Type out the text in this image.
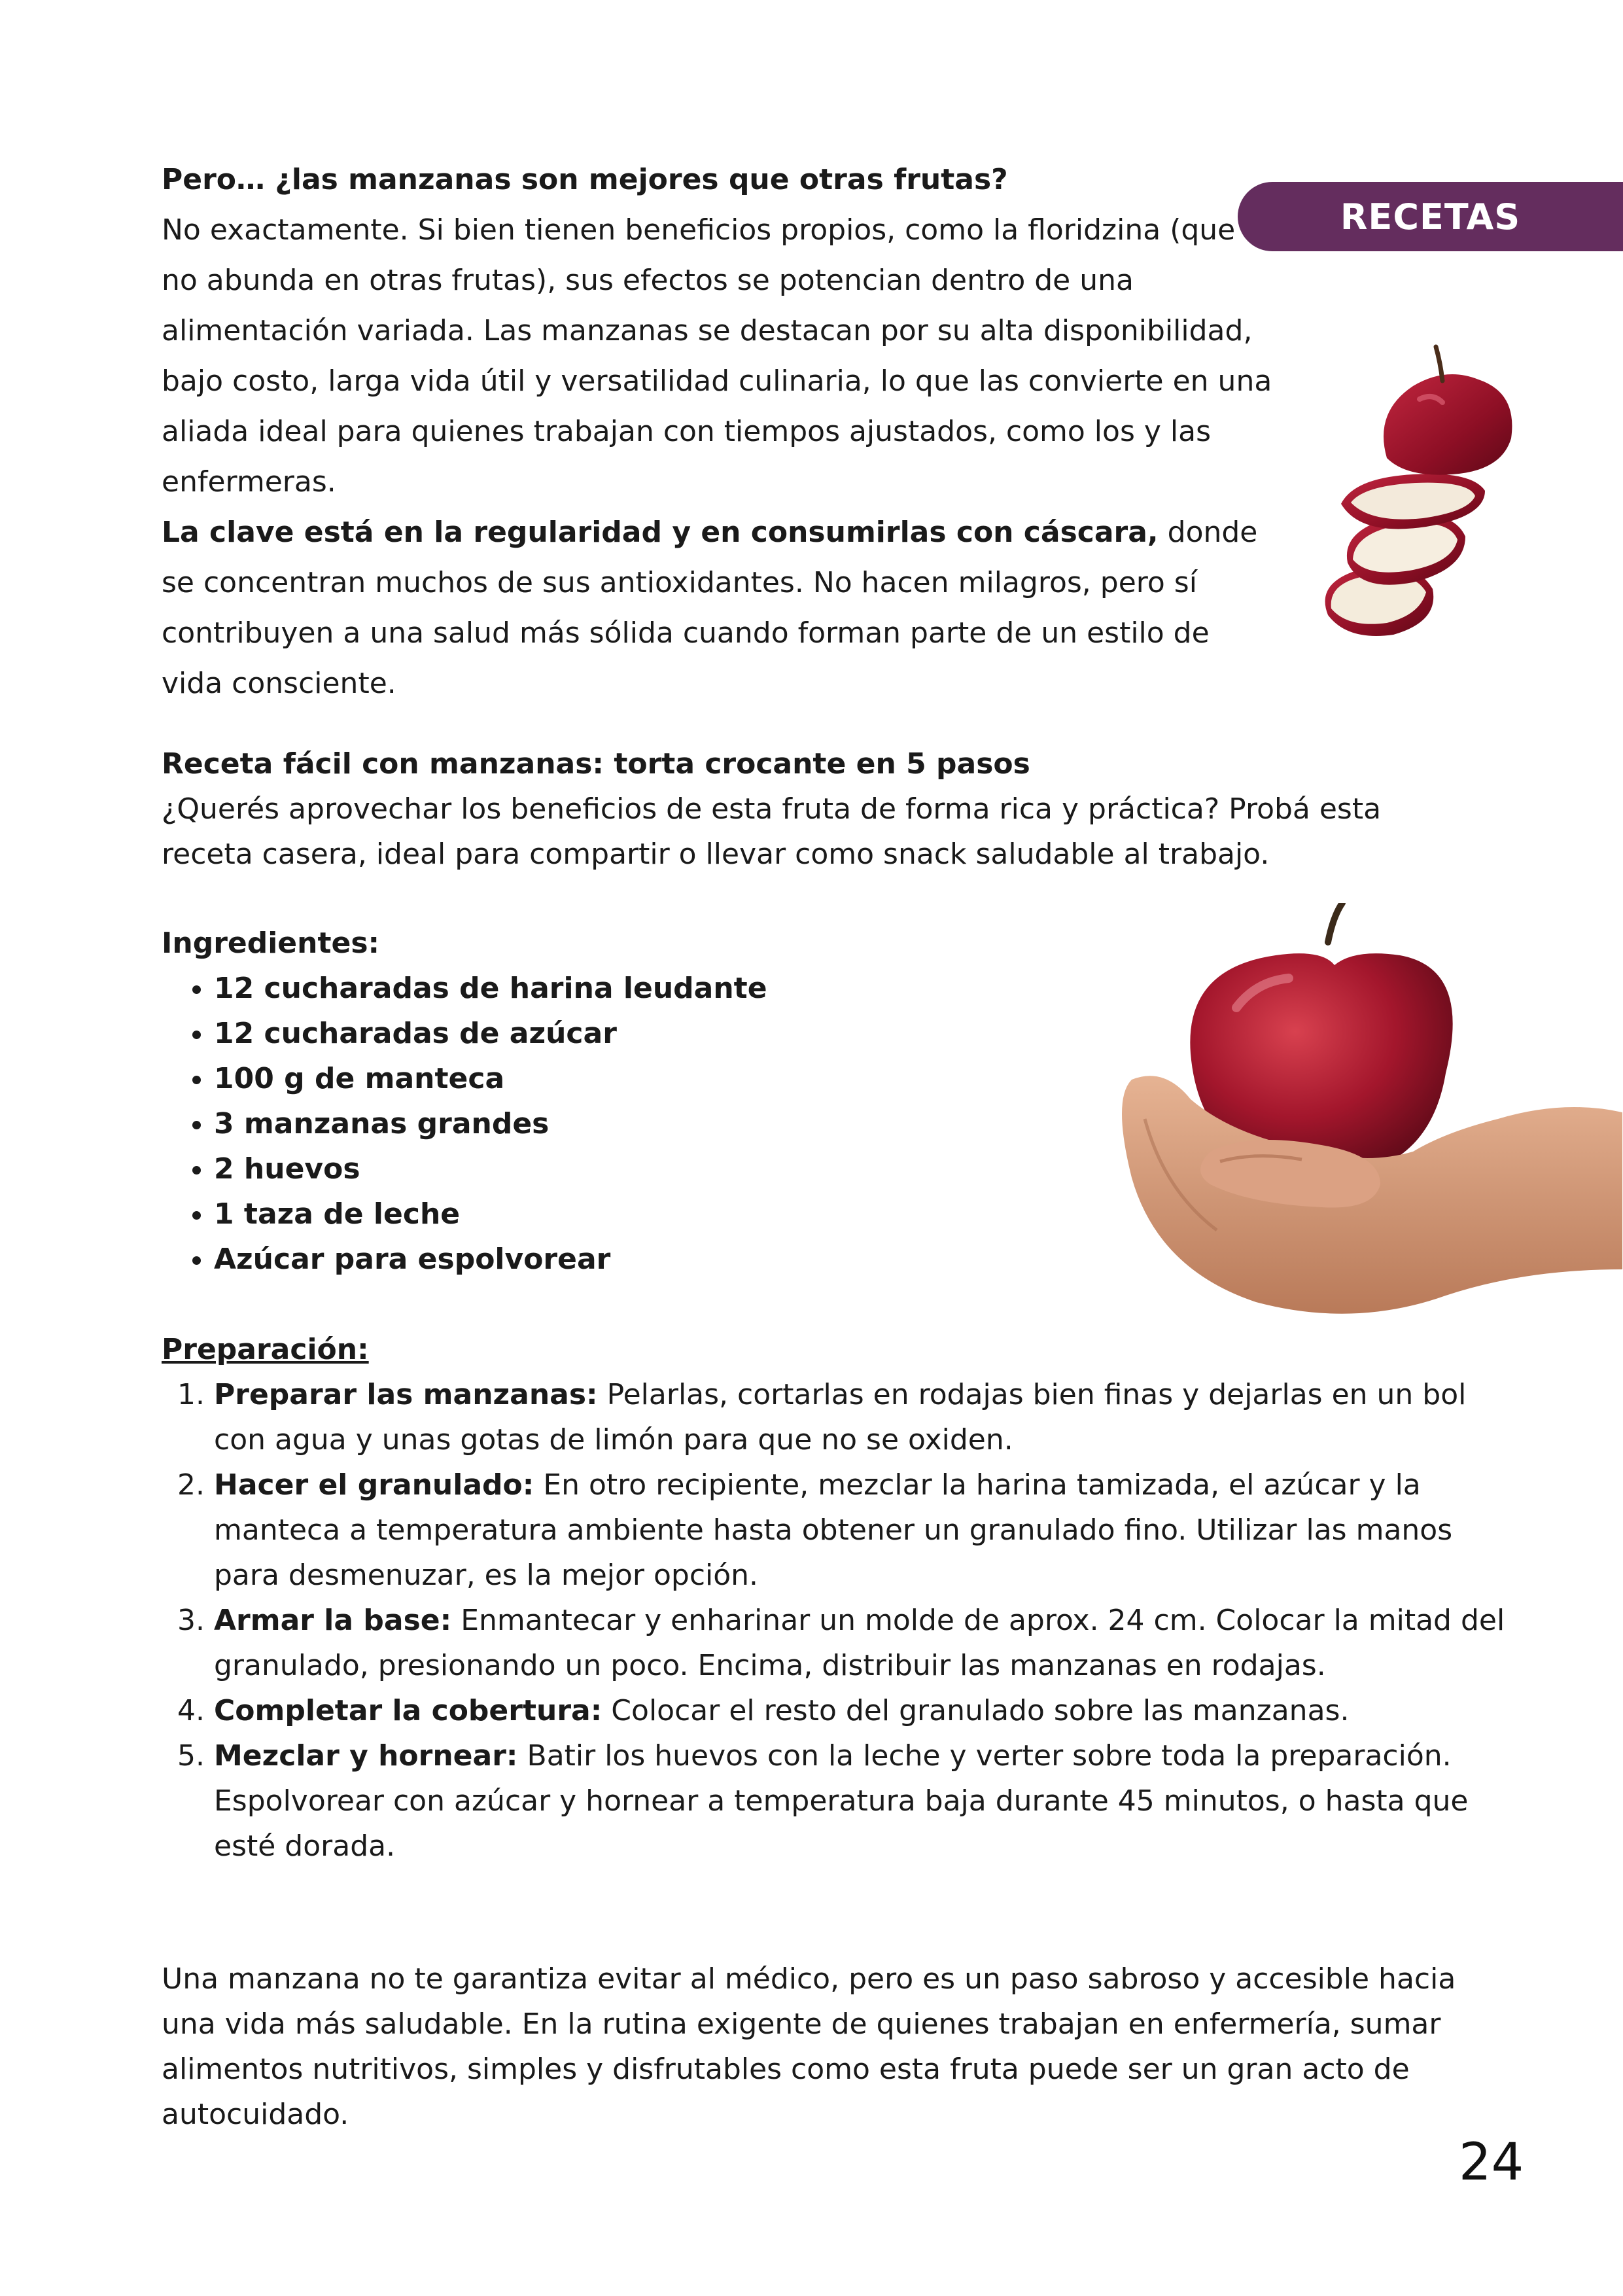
RECETAS
Pero… ¿las manzanas son mejores que otras frutas?
No exactamente. Si bien tienen beneficios propios, como la floridzina (que no abunda en otras frutas), sus efectos se potencian dentro de una alimentación variada. Las manzanas se destacan por su alta disponibilidad, bajo costo, larga vida útil y versatilidad culinaria, lo que las convierte en una aliada ideal para quienes trabajan con tiempos ajustados, como los y las enfermeras.
La clave está en la regularidad y en consumirlas con cáscara, donde se concentran muchos de sus antioxidantes. No hacen milagros, pero sí contribuyen a una salud más sólida cuando forman parte de un estilo de vida consciente.
Receta fácil con manzanas: torta crocante en 5 pasos
¿Querés aprovechar los beneficios de esta fruta de forma rica y práctica? Probá esta receta casera, ideal para compartir o llevar como snack saludable al trabajo.
Ingredientes:
• 12 cucharadas de harina leudante
• 12 cucharadas de azúcar
• 100 g de manteca
• 3 manzanas grandes
• 2 huevos
• 1 taza de leche
• Azúcar para espolvorear
Preparación:
1. Preparar las manzanas: Pelarlas, cortarlas en rodajas bien finas y dejarlas en un bol con agua y unas gotas de limón para que no se oxiden.
2. Hacer el granulado: En otro recipiente, mezclar la harina tamizada, el azúcar y la manteca a temperatura ambiente hasta obtener un granulado fino. Utilizar las manos para desmenuzar, es la mejor opción.
3. Armar la base: Enmantecar y enharinar un molde de aprox. 24 cm. Colocar la mitad del granulado, presionando un poco. Encima, distribuir las manzanas en rodajas.
4. Completar la cobertura: Colocar el resto del granulado sobre las manzanas.
5. Mezclar y hornear: Batir los huevos con la leche y verter sobre toda la preparación. Espolvorear con azúcar y hornear a temperatura baja durante 45 minutos, o hasta que esté dorada.
Una manzana no te garantiza evitar al médico, pero es un paso sabroso y accesible hacia una vida más saludable. En la rutina exigente de quienes trabajan en enfermería, sumar alimentos nutritivos, simples y disfrutables como esta fruta puede ser un gran acto de autocuidado.
24
